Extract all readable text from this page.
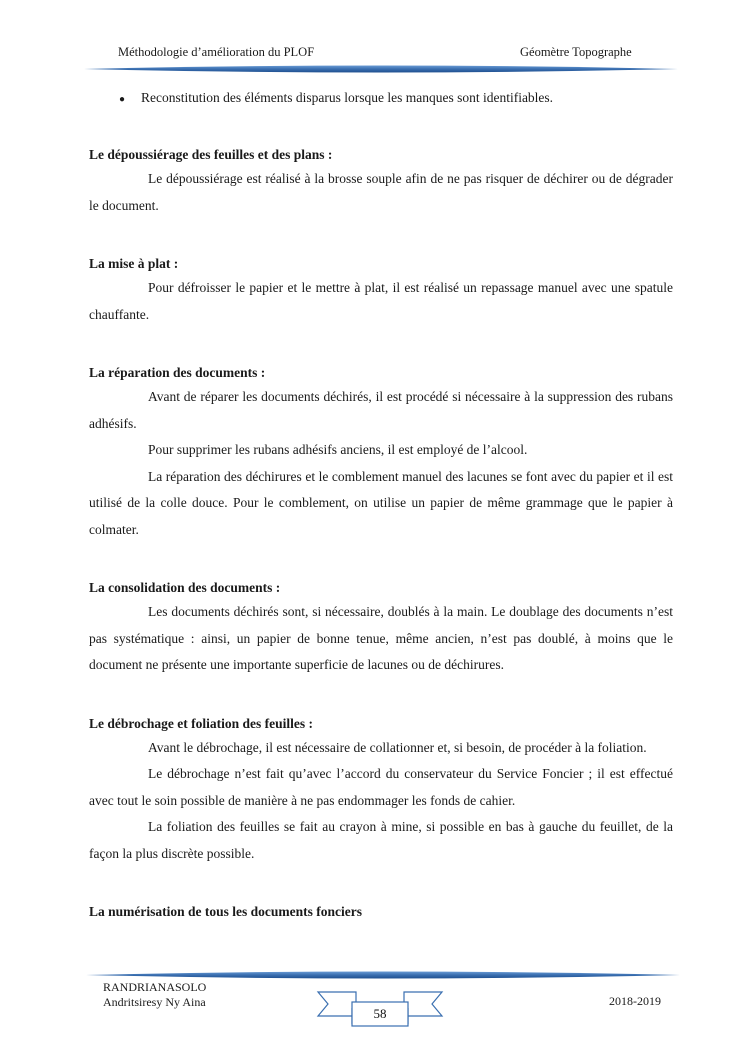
Méthodologie d’amélioration du PLOF	Géomètre Topographe
●	Reconstitution des éléments disparus lorsque les manques sont identifiables.
Le dépoussiérage des feuilles et des plans :

Le dépoussiérage est réalisé à la brosse souple afin de ne pas risquer de déchirer ou de dégrader le document.

La mise à plat :

Pour défroisser le papier et le mettre à plat, il est réalisé un repassage manuel avec une spatule chauffante.

La réparation des documents :

Avant de réparer les documents déchirés, il est procédé si nécessaire à la suppression des rubans adhésifs.

Pour supprimer les rubans adhésifs anciens, il est employé de l’alcool.

La réparation des déchirures et le comblement manuel des lacunes se font avec du papier et il est utilisé de la colle douce. Pour le comblement, on utilise un papier de même grammage que le papier à colmater.

La consolidation des documents :

Les documents déchirés sont, si nécessaire, doublés à la main. Le doublage des documents n’est pas systématique : ainsi, un papier de bonne tenue, même ancien, n’est pas doublé, à moins que le document ne présente une importante superficie de lacunes ou de déchirures.

Le débrochage et foliation des feuilles :

Avant le débrochage, il est nécessaire de collationner et, si besoin, de procéder à la foliation.

Le débrochage n’est fait qu’avec l’accord du conservateur du Service Foncier ; il est effectué avec tout le soin possible de manière à ne pas endommager les fonds de cahier.

La foliation des feuilles se fait au crayon à mine, si possible en bas à gauche du feuillet, de la façon la plus discrète possible.

La numérisation de tous les documents fonciers
RANDRIANASOLO
Andritsiresy Ny Aina	2018-2019
58
